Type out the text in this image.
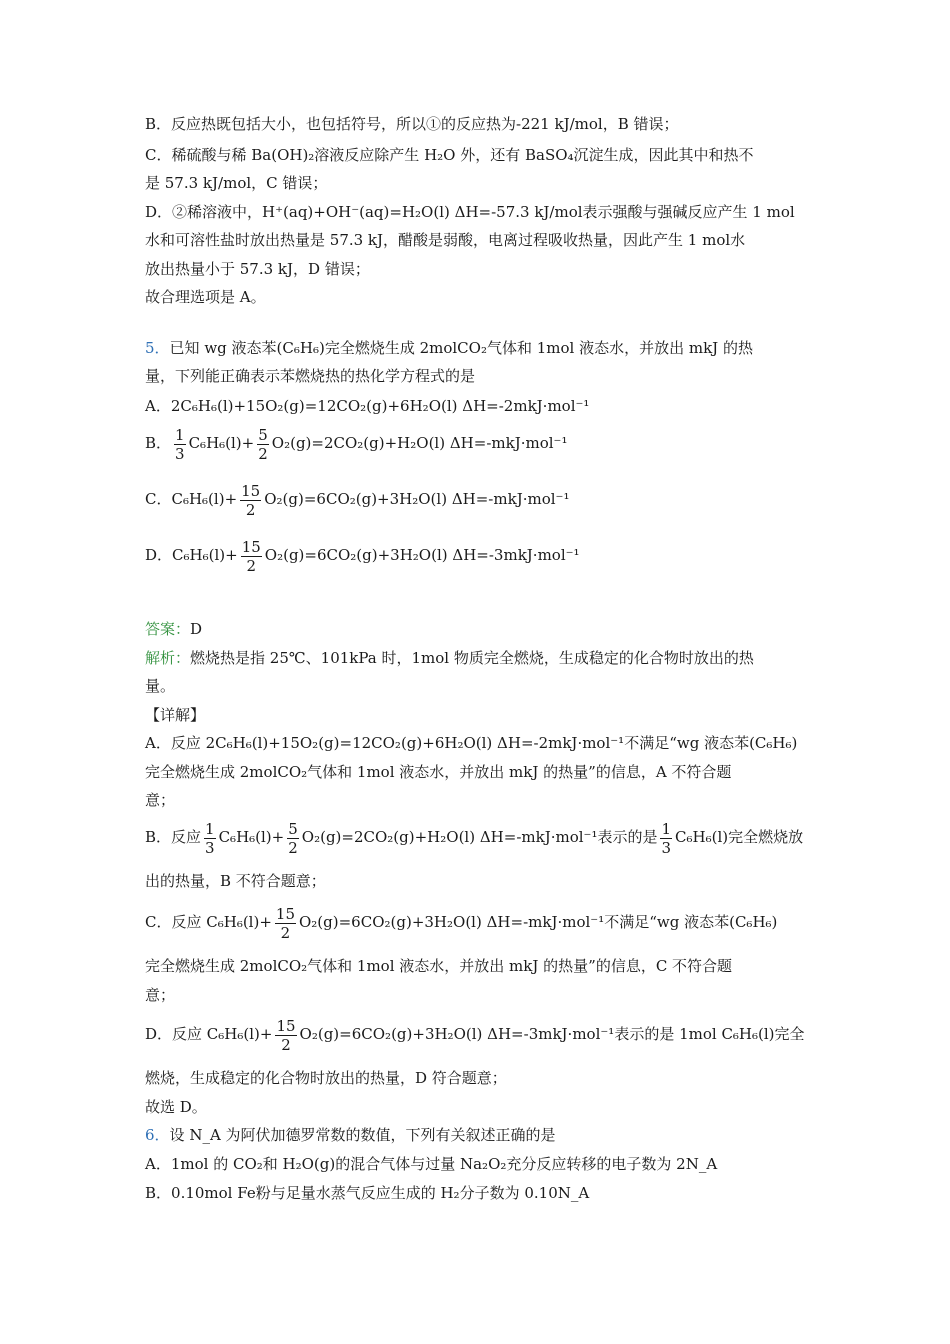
B．反应热既包括大小，也包括符号，所以①的反应热为-221 kJ/mol，B 错误；
C．稀硫酸与稀 Ba(OH)₂溶液反应除产生 H₂O 外，还有 BaSO₄沉淀生成，因此其中和热不
是 57.3 kJ/mol，C 错误；
D．②稀溶液中，H⁺(aq)+OH⁻(aq)=H₂O(l) ΔH=-57.3 kJ/mol表示强酸与强碱反应产生 1 mol
水和可溶性盐时放出热量是 57.3 kJ，醋酸是弱酸，电离过程吸收热量，因此产生 1 mol水
放出热量小于 57.3 kJ，D 错误；
故合理选项是 A。
5．已知 wg 液态苯(C₆H₆)完全燃烧生成 2molCO₂气体和 1mol 液态水，并放出 mkJ 的热
量，下列能正确表示苯燃烧热的热化学方程式的是
A．2C₆H₆(l)+15O₂(g)=12CO₂(g)+6H₂O(l) ΔH=-2mkJ·mol⁻¹
B． $\frac{1}{3} C_6H_6(l)+ \frac{5}{2} O_2(g)=2CO_2(g)+H_2O(l)$ ΔH=-mkJ·mol⁻¹
C．$C_6H_6(l)+ \frac{15}{2} O_2(g)=6CO_2(g)+3H_2O(l)$ ΔH=-mkJ·mol⁻¹
D．$C_6H_6(l)+ \frac{15}{2} O_2(g)=6CO_2(g)+3H_2O(l)$ ΔH=-3mkJ·mol⁻¹
答案：D
解析：燃烧热是指 25℃、101kPa 时，1mol 物质完全燃烧，生成稳定的化合物时放出的热
量。
【详解】
A．反应 2C₆H₆(l)+15O₂(g)=12CO₂(g)+6H₂O(l) ΔH=-2mkJ·mol⁻¹不满足“wg 液态苯(C₆H₆)
完全燃烧生成 2molCO₂气体和 1mol 液态水，并放出 mkJ 的热量”的信息，A 不符合题
意；
B．反应 $\frac{1}{3} C_6H_6(l)+ \frac{5}{2} O_2(g)=2CO_2(g)+H_2O(l)$ ΔH=-mkJ·mol⁻¹表示的是 $\frac{1}{3} C_6H_6(l)$完全燃烧放
出的热量，B 不符合题意；
C．反应 $C_6H_6(l)+ \frac{15}{2} O_2(g)=6CO_2(g)+3H_2O(l)$ ΔH=-mkJ·mol⁻¹不满足“wg 液态苯(C₆H₆)
完全燃烧生成 2molCO₂气体和 1mol 液态水，并放出 mkJ 的热量”的信息，C 不符合题
意；
D．反应 $C_6H_6(l)+ \frac{15}{2} O_2(g)=6CO_2(g)+3H_2O(l)$ ΔH=-3mkJ·mol⁻¹表示的是 1mol C₆H₆(l)完全
燃烧，生成稳定的化合物时放出的热量，D 符合题意；
故选 D。
6．设 N_A 为阿伏加德罗常数的数值，下列有关叙述正确的是
A．1mol 的 CO₂和 H₂O(g)的混合气体与过量 Na₂O₂充分反应转移的电子数为 2N_A
B．0.10mol Fe粉与足量水蒸气反应生成的 H₂分子数为 0.10N_A
